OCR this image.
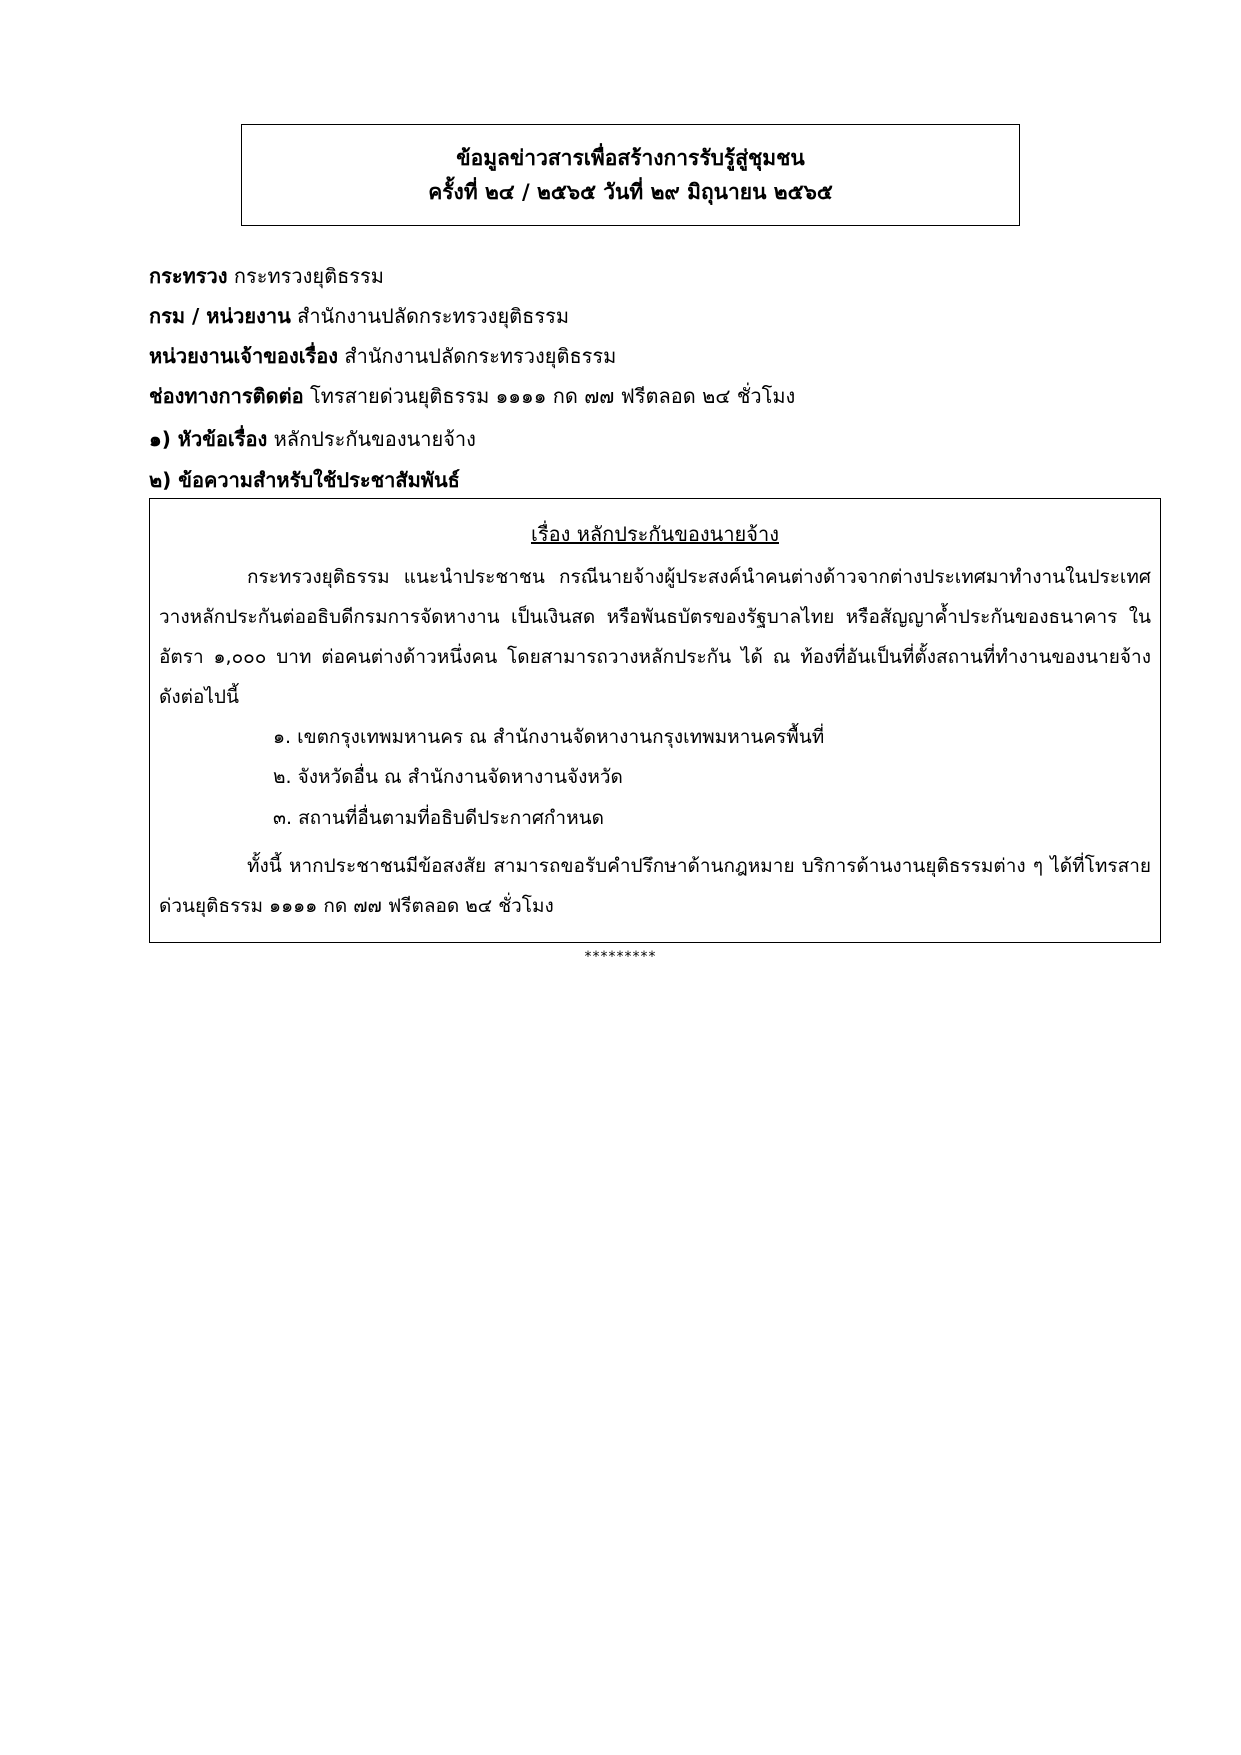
ข้อมูลข่าวสารเพื่อสร้างการรับรู้สู่ชุมชน
ครั้งที่ ๒๔ / ๒๕๖๕ วันที่ ๒๙ มิถุนายน ๒๕๖๕
กระทรวง กระทรวงยุติธรรม
กรม / หน่วยงาน สำนักงานปลัดกระทรวงยุติธรรม
หน่วยงานเจ้าของเรื่อง สำนักงานปลัดกระทรวงยุติธรรม
ช่องทางการติดต่อ โทรสายด่วนยุติธรรม ๑๑๑๑ กด ๗๗ ฟรีตลอด ๒๔ ชั่วโมง
๑) หัวข้อเรื่อง หลักประกันของนายจ้าง
๒) ข้อความสำหรับใช้ประชาสัมพันธ์
เรื่อง หลักประกันของนายจ้าง
กระทรวงยุติธรรม แนะนำประชาชน กรณีนายจ้างผู้ประสงค์นำคนต่างด้าวจากต่างประเทศมาทำงานในประเทศ วางหลักประกันต่ออธิบดีกรมการจัดหางาน เป็นเงินสด หรือพันธบัตรของรัฐบาลไทย หรือสัญญาค้ำประกันของธนาคาร ในอัตรา ๑,๐๐๐ บาท ต่อคนต่างด้าวหนึ่งคน โดยสามารถวางหลักประกัน ได้ ณ ท้องที่อันเป็นที่ตั้งสถานที่ทำงานของนายจ้าง ดังต่อไปนี้
๑. เขตกรุงเทพมหานคร ณ สำนักงานจัดหางานกรุงเทพมหานครพื้นที่
๒. จังหวัดอื่น ณ สำนักงานจัดหางานจังหวัด
๓. สถานที่อื่นตามที่อธิบดีประกาศกำหนด
ทั้งนี้ หากประชาชนมีข้อสงสัย สามารถขอรับคำปรึกษาด้านกฎหมาย บริการด้านงานยุติธรรมต่าง ๆ ได้ที่โทรสายด่วนยุติธรรม ๑๑๑๑ กด ๗๗ ฟรีตลอด ๒๔ ชั่วโมง
*********
